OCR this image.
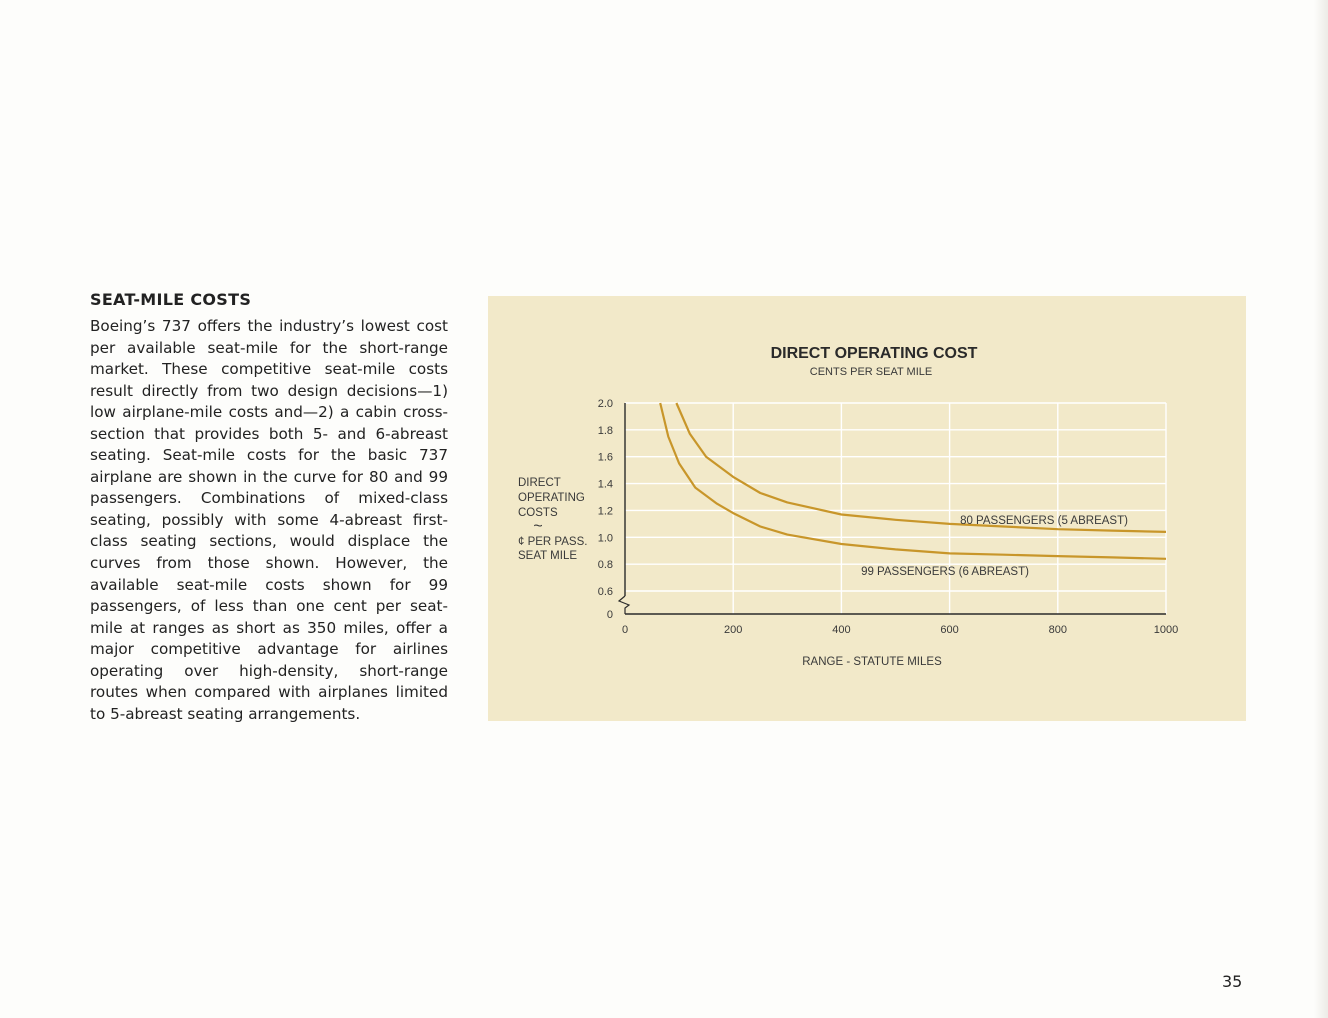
SEAT-MILE COSTS
Boeing’s 737 offers the industry’s lowest cost per available seat-mile for the short-range market. These competitive seat-mile costs result directly from two design decisions—1) low airplane-mile costs and—2) a cabin cross-section that provides both 5- and 6-abreast seating. Seat-mile costs for the basic 737 airplane are shown in the curve for 80 and 99 passengers. Combinations of mixed-class seating, possibly with some 4-abreast first-class seating sections, would displace the curves from those shown. However, the available seat-mile costs shown for 99 passengers, of less than one cent per seat-mile at ranges as short as 350 miles, offer a major competitive advantage for airlines operating over high-density, short-range routes when compared with airplanes limited to 5-abreast seating arrangements.
0
0.6
0.8
1.0
1.2
1.4
1.6
1.8
2.0
0	200	400	600	800	1000
DIRECT OPERATING COST
CENTS PER SEAT MILE
RANGE - STATUTE MILES
DIRECT
OPERATING
COSTS
~
¢ PER PASS.
SEAT MILE
80 PASSENGERS (5 ABREAST)
99 PASSENGERS (6 ABREAST)
35
